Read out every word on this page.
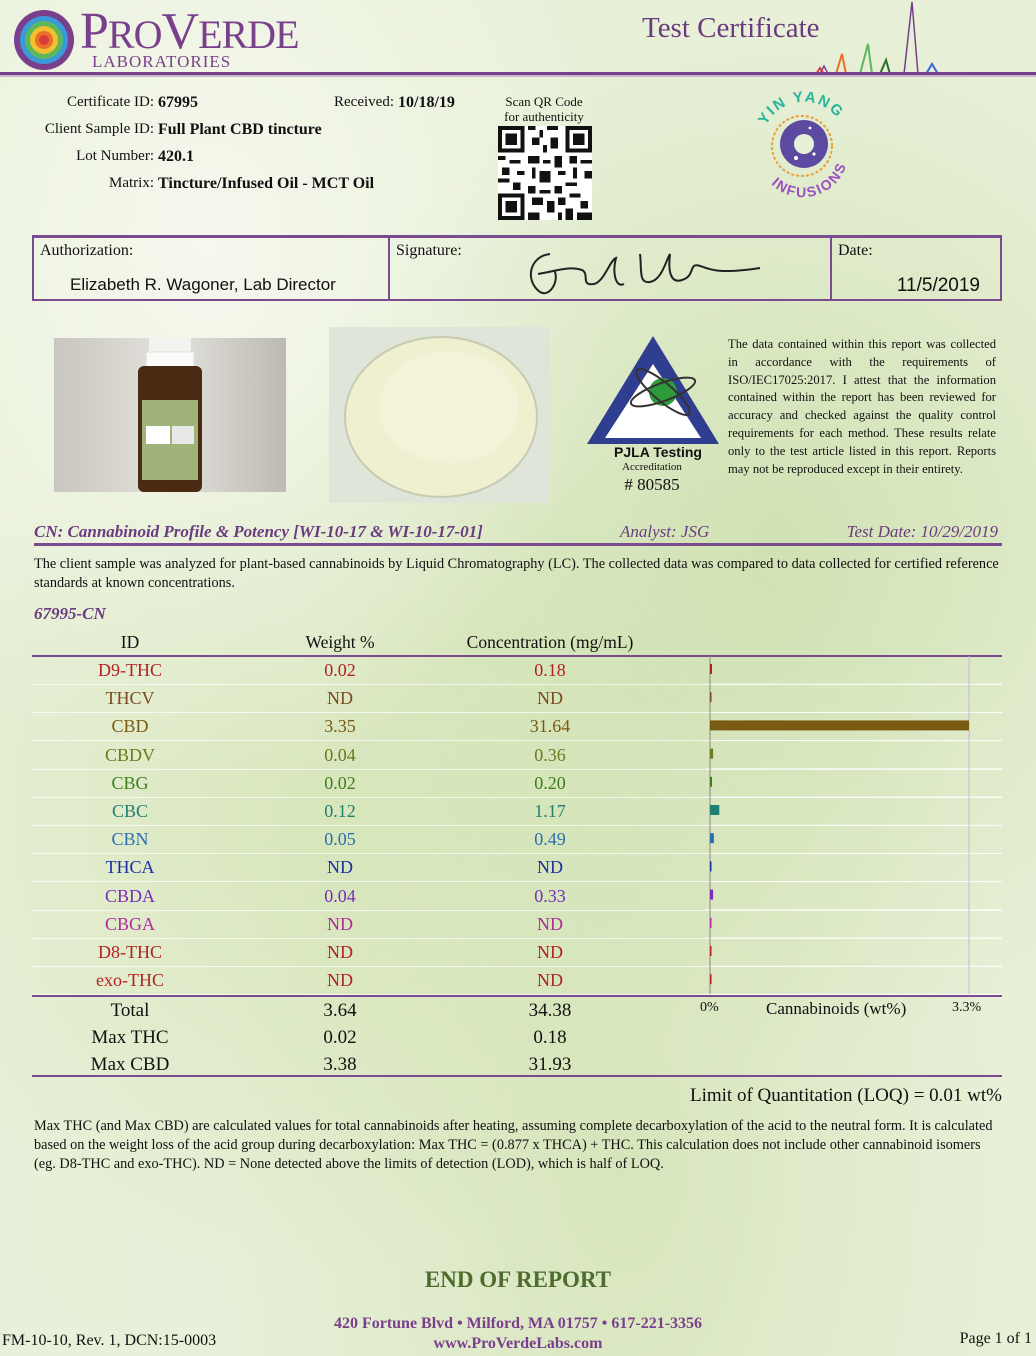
PROVERDE
LABORATORIES
Test Certificate
Certificate ID: 67995	Received: 10/18/19
Client Sample ID: Full Plant CBD tincture
Lot Number: 420.1
Matrix: Tincture/Infused Oil - MCT Oil
Scan QR Code for authenticity	YIN YANG
INFUSIONS
Authorization:
Elizabeth R. Wagoner, Lab Director
Signature:	Date:
11/5/2019
PJLA Testing
Accreditation
# 80585
The data contained within this report was collected in accordance with the requirements of ISO/IEC17025:2017. I attest that the information contained within the report has been reviewed for accuracy and checked against the quality control requirements for each method. These results relate only to the test article listed in this report. Reports may not be reproduced except in their entirety.
CN: Cannabinoid Profile & Potency [WI-10-17 & WI-10-17-01]	Analyst: JSG	Test Date: 10/29/2019
The client sample was analyzed for plant-based cannabinoids by Liquid Chromatography (LC). The collected data was compared to data collected for certified reference standards at known concentrations.
67995-CN
ID	Weight %	Concentration (mg/mL)
D9-THC	0.02	0.18
THCV	ND	ND
CBD	3.35	31.64
CBDV	0.04	0.36
CBG	0.02	0.20
CBC	0.12	1.17
CBN	0.05	0.49
THCA	ND	ND
CBDA	0.04	0.33
CBGA	ND	ND
D8-THC	ND	ND
exo-THC	ND	ND
0%	Cannabinoids (wt%)	3.3%
Total	3.64	34.38
Max THC	0.02	0.18
Max CBD	3.38	31.93
Limit of Quantitation (LOQ) = 0.01 wt%
Max THC (and Max CBD) are calculated values for total cannabinoids after heating, assuming complete decarboxylation of the acid to the neutral form. It is calculated based on the weight loss of the acid group during decarboxylation: Max THC = (0.877 x THCA) + THC. This calculation does not include other cannabinoid isomers (eg. D8-THC and exo-THC). ND = None detected above the limits of detection (LOD), which is half of LOQ.
END OF REPORT
420 Fortune Blvd • Milford, MA 01757 • 617-221-3356
www.ProVerdeLabs.com
FM-10-10, Rev. 1, DCN:15-0003	Page 1 of 1
